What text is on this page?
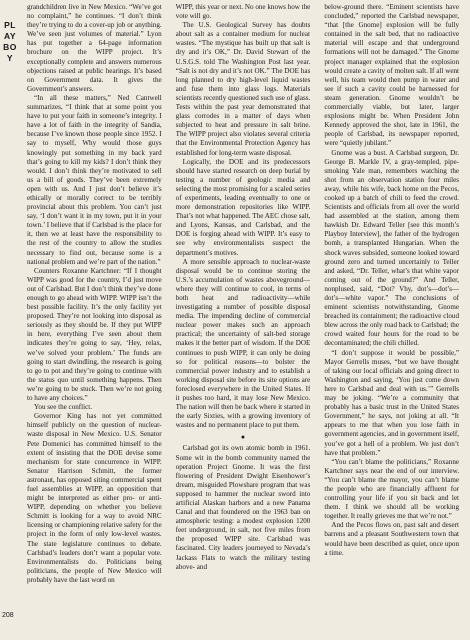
PLAYBOY
208

grandchildren live in New Mexico. “We’ve got no complaint,” he continues. “I don’t think they’re trying to do a cover-up job or anything. We’ve seen just volumes of material.” Lyon has put together a 64-page information brochure on the WIPP project. It’s exceptionally complete and answers numerous objections raised at public hearings. It’s based on Government data. It gives the Government’s answers.

“In all these matters,” Ned Cantwell summarizes, “I think that at some point you have to put your faith in someone’s integrity. I have a lot of faith in the integrity of Sandia, because I’ve known those people since 1952. I say to myself, Why would those guys knowingly put something in my back yard that’s going to kill my kids? I don’t think they would. I don’t think they’re motivated to sell us a bill of goods. They’ve been extremely open with us. And I just don’t believe it’s ethically or morally correct to be terribly provincial about this problem. You can’t just say, ‘I don’t want it in my town, put it in your town.’ I believe that if Carlsbad is the place for it, then we at least have the responsibility to the rest of the country to allow the studies necessary to find out, because some is a national problem and we’re part of the nation.”

Counters Roxanne Kartchner: “If I thought WIPP was good for the country, I’d just move out of Carlsbad. But I don’t think they’ve done enough to go ahead with WIPP. WIPP isn’t the best possible facility. It’s the only facility yet proposed. They’re not looking into disposal as seriously as they should be. If they put WIPP in here, everything I’ve seen about them indicates they’re going to say, ‘Hey, relax, we’ve solved your problem.’ The funds are going to start dwindling, the research is going to go to pot and they’re going to continue with the status quo until something happens. Then we’re going to be stuck. Then we’re not going to have any choices.”

You see the conflict.

Governor King has not yet committed himself publicly on the question of nuclear-waste disposal in New Mexico. U.S. Senator Pete Domenici has committed himself to the extent of insisting that the DOE devise some mechanism for state concurrence in WIPP. Senator Harrison Schmitt, the former astronaut, has opposed siting commercial spent fuel assemblies at WIPP, an opposition that might be interpreted as either pro- or anti-WIPP, depending on whether you believe Schmitt is looking for a way to avoid NRC licensing or championing relative safety for the project in the form of only low-level wastes. The state legislature continues to debate. Carlsbad’s leaders don’t want a popular vote. Environmentalists do. Politicians being politicians, the people of New Mexico will probably have the last word on

WIPP, this year or next. No one knows how the vote will go.

The U.S. Geological Survey has doubts about salt as a container medium for nuclear wastes. “The mystique has built up that salt is dry and it’s OK,” Dr. David Stewart of the U.S.G.S. told The Washington Post last year. “Salt is not dry and it’s not OK.” The DOE has long planned to dry high-level liquid wastes and fuse them into glass logs. Materials scientists recently questioned such use of glass. Tests within the past year demonstrated that glass corrodes in a matter of days when subjected to heat and pressure in salt brine. The WIPP project also violates several criteria that the Environmental Protection Agency has established for long-term waste disposal.

Logically, the DOE and its predecessors should have started research on deep burial by testing a number of geologic media and selecting the most promising for a scaled series of experiments, leading eventually to one or more demonstration repositories like WIPP. That’s not what happened. The AEC chose salt, and Lyons, Kansas, and Carlsbad, and the DOE is forging ahead with WIPP. It’s easy to see why environmentalists suspect the department’s motives.

A more sensible approach to nuclear-waste disposal would be to continue storing the U.S.’s accumulation of wastes aboveground—where they will continue to cool, in terms of both heat and radioactivity—while investigating a number of possible disposal media. The impending decline of commercial nuclear power makes such an approach practical; the uncertainty of salt-bed storage makes it the better part of wisdom. If the DOE continues to push WIPP, it can only be doing so for political reasons—to bolster the commercial power industry and to establish a working disposal site before its site options are foreclosed everywhere in the United States. If it pushes too hard, it may lose New Mexico. The nation will then be back where it started in the early Sixties, with a growing inventory of wastes and no permanent place to put them.

●

Carlsbad got its own atomic bomb in 1961. Some wit in the bomb community named the operation Project Gnome. It was the first flowering of President Dwight Eisenhower’s dream, misguided Plowshare program that was supposed to hammer the nuclear sword into artificial Alaskan harbors and a new Panama Canal and that foundered on the 1963 ban on atmospheric testing: a modest explosion 1200 feet underground, in salt, not five miles from the proposed WIPP site. Carlsbad was fascinated. City leaders journeyed to Nevada’s Jackass Flats to watch the military testing above- and

below-ground there. “Eminent scientists have concluded,” reported the Carlsbad newspaper, “that [the Gnome] explosion will be fully contained in the salt bed, that no radioactive material will escape and that underground formations will not be damaged.” The Gnome project manager explained that the explosion would create a cavity of molten salt. If all went well, his team would then pump in water and see if such a cavity could be harnessed for steam generation. Gnome wouldn’t be commercially viable, but later, larger explosions might be. When President John Kennedy approved the shot, late in 1961, the people of Carlsbad, its newspaper reported, were “quietly jubilant.”

Gnome was a bust. A Carlsbad surgeon, Dr. George B. Markle IV, a gray-templed, pipe-smoking Yale man, remembers watching the shot from an observation station four miles away, while his wife, back home on the Pecos, cooked up a batch of chili to feed the crowd. Scientists and officials from all over the world had assembled at the station, among them hawkish Dr. Edward Teller [see this month’s Playboy Interview], the father of the hydrogen bomb, a transplanted Hungarian. When the shock waves subsided, someone looked toward ground zero and turned uncertainly to Teller and asked, “Dr. Teller, what’s that white vapor coming out of the ground?” And Teller, nonplused, said, “Dot? Vhy, dot’s—dot’s—dot’s—white vapor.” The conclusions of eminent scientists notwithstanding, Gnome breached its containment; the radioactive cloud blew across the only road back to Carlsbad; the crowd waited four hours for the road to be decontaminated; the chili chilled.

“I don’t suppose it would be possible,” Mayor Gerrells muses, “but we have thought of taking our local officials and going direct to Washington and saying, ‘You just come down here to Carlsbad and deal with us.’” Gerrells may be joking. “We’re a community that probably has a basic trust in the United States Government,” he says, not joking at all. “It appears to me that when you lose faith in government agencies, and in government itself, you’ve got a hell of a problem. We just don’t have that problem.”

“You can’t blame the politicians,” Roxanne Kartchner says near the end of our interview. “You can’t blame the mayor, you can’t blame the people who are financially affluent for controlling your life if you sit back and let them. I think we should all be working together. It really grieves me that we’re not.”

And the Pecos flows on, past salt and desert barrens and a pleasant Southwestern town that would have been described as quiet, once upon a time.
